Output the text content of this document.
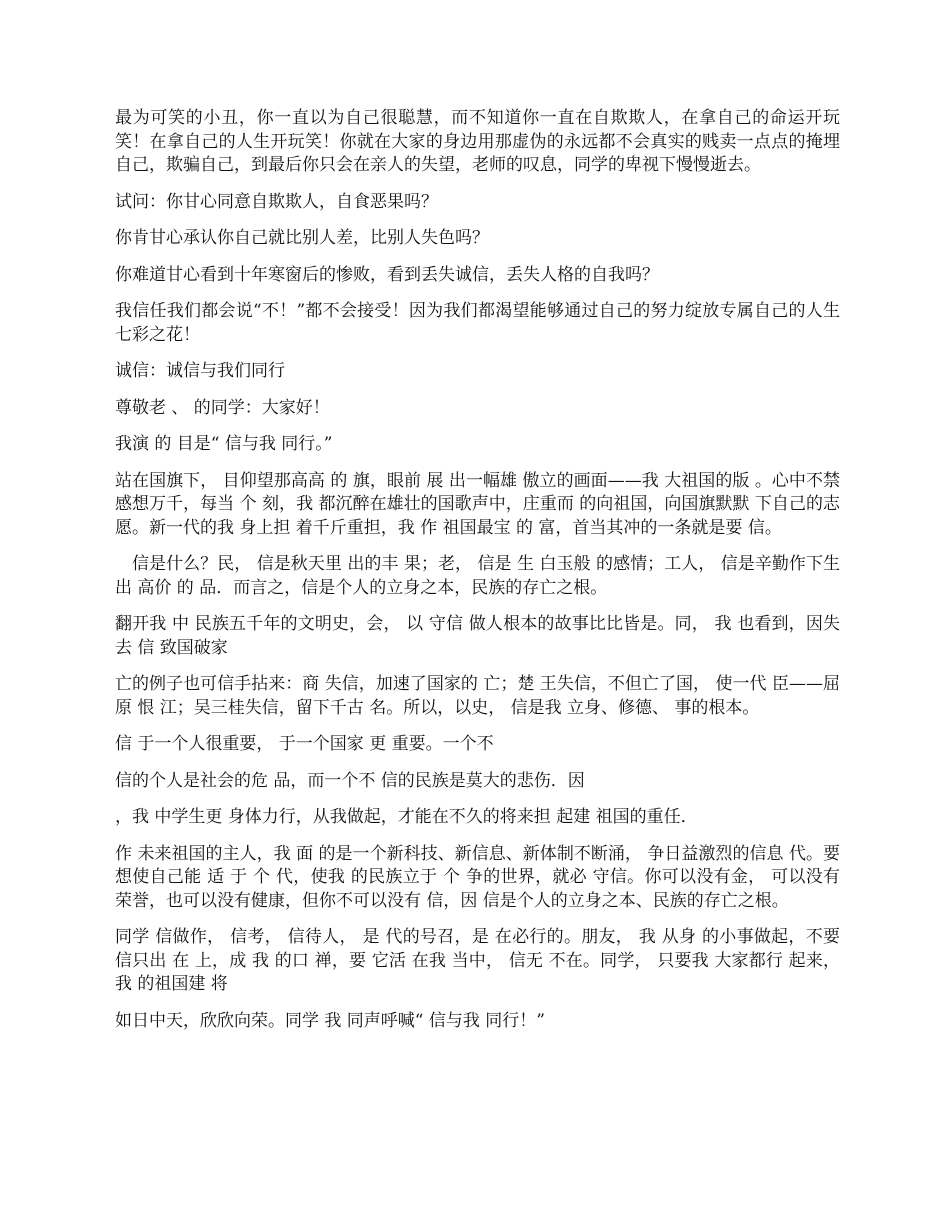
最为可笑的小丑，你一直以为自己很聪慧，而不知道你一直在自欺欺人，在拿自己的命运开玩笑！在拿自己的人生开玩笑！你就在大家的身边用那虚伪的永远都不会真实的贱卖一点点的掩埋自己，欺骗自己，到最后你只会在亲人的失望，老师的叹息，同学的卑视下慢慢逝去。

试问：你甘心同意自欺欺人，自食恶果吗？

你肯甘心承认你自己就比别人差，比别人失色吗？

你难道甘心看到十年寒窗后的惨败，看到丢失诚信，丢失人格的自我吗？

我信任我们都会说“不！”都不会接受！因为我们都渴望能够通过自己的努力绽放专属自己的人生七彩之花！

诚信：诚信与我们同行

尊敬老 、 的同学：大家好！

我演 的 目是“ 信与我 同行。”

站在国旗下， 目仰望那高高 的 旗，眼前 展 出一幅雄 傲立的画面——我 大祖国的版 。心中不禁感想万千，每当 个 刻，我 都沉醉在雄壮的国歌声中，庄重而 的向祖国，向国旗默默 下自己的志愿。新一代的我 身上担 着千斤重担，我 作 祖国最宝 的 富，首当其冲的一条就是要 信。

信是什么？民， 信是秋天里 出的丰 果；老， 信是 生 白玉般 的感情；工人， 信是辛勤作下生 出 高价 的 品．而言之，信是个人的立身之本，民族的存亡之根。

翻开我 中 民族五千年的文明史，会， 以 守信 做人根本的故事比比皆是。同， 我 也看到，因失去 信 致国破家

亡的例子也可信手拈来：商 失信，加速了国家的 亡；楚 王失信，不但亡了国， 使一代 臣——屈原 恨 江；吴三桂失信，留下千古 名。所以，以史， 信是我 立身、修德、 事的根本。

信 于一个人很重要， 于一个国家 更 重要。一个不

信的个人是社会的危 品，而一个不 信的民族是莫大的悲伤．因

，我 中学生更 身体力行，从我做起，才能在不久的将来担 起建 祖国的重任．

作 未来祖国的主人，我 面 的是一个新科技、新信息、新体制不断涌， 争日益激烈的信息 代。要想使自己能 适 于 个 代，使我 的民族立于 个 争的世界，就必 守信。你可以没有金， 可以没有荣誉，也可以没有健康，但你不可以没有 信，因 信是个人的立身之本、民族的存亡之根。

同学 信做作， 信考， 信待人， 是 代的号召，是 在必行的。朋友， 我 从身 的小事做起，不要 信只出 在 上，成 我 的口 禅，要 它活 在我 当中， 信无 不在。同学， 只要我 大家都行 起来，我 的祖国建 将

如日中天，欣欣向荣。同学 我 同声呼喊“ 信与我 同行！”
